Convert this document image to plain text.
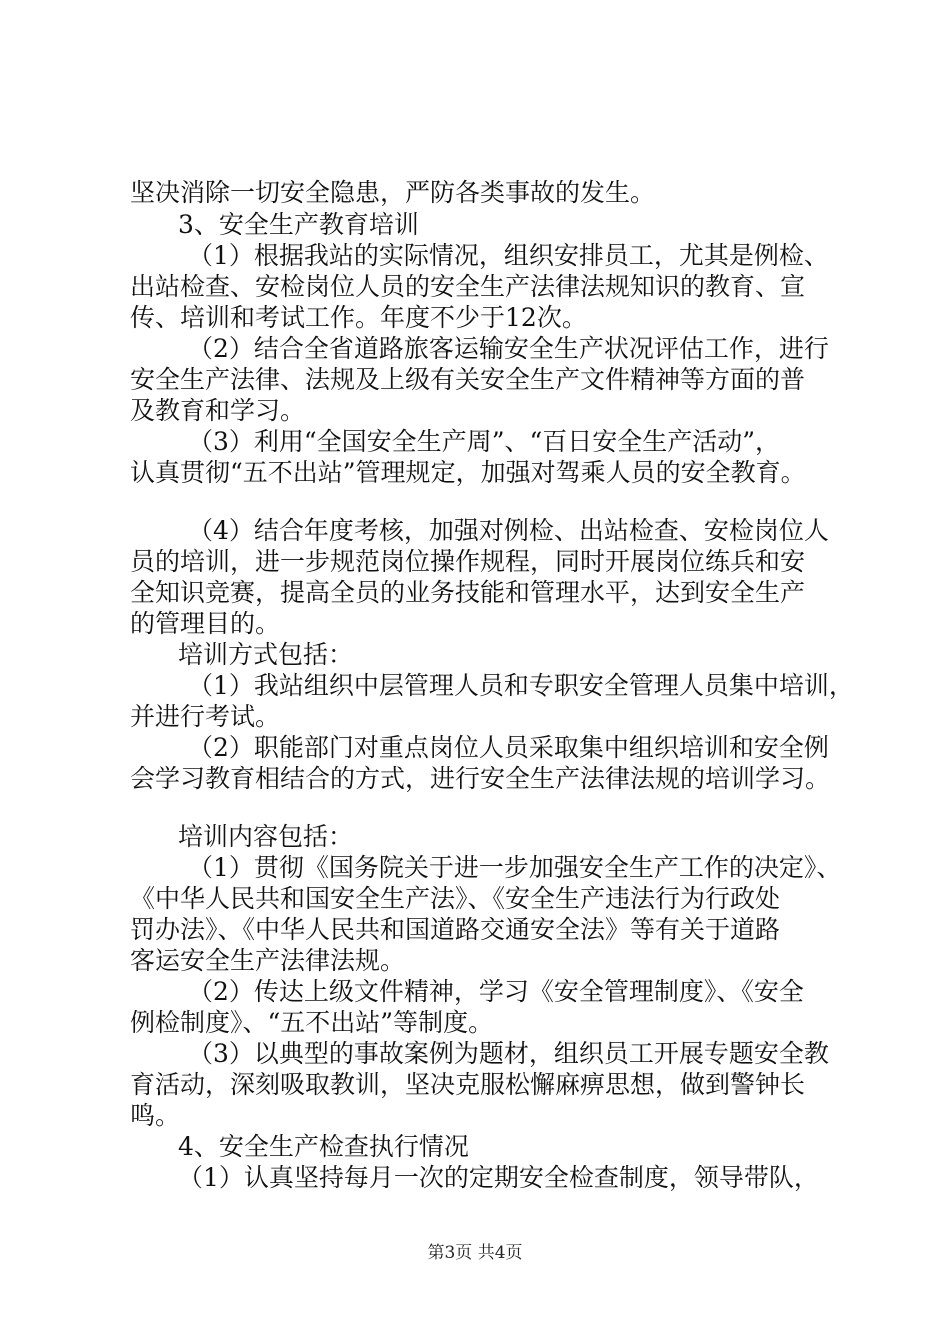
坚决消除一切安全隐患，严防各类事故的发生。
3、安全生产教育培训
（1）根据我站的实际情况，组织安排员工，尤其是例检、
出站检查、安检岗位人员的安全生产法律法规知识的教育、宣
传、培训和考试工作。年度不少于12次。
（2）结合全省道路旅客运输安全生产状况评估工作，进行
安全生产法律、法规及上级有关安全生产文件精神等方面的普
及教育和学习。
（3）利用“全国安全生产周”、“百日安全生产活动”，
认真贯彻“五不出站”管理规定，加强对驾乘人员的安全教育。
（4）结合年度考核，加强对例检、出站检查、安检岗位人
员的培训，进一步规范岗位操作规程，同时开展岗位练兵和安
全知识竞赛，提高全员的业务技能和管理水平，达到安全生产
的管理目的。
培训方式包括：
（1）我站组织中层管理人员和专职安全管理人员集中培训，
并进行考试。
（2）职能部门对重点岗位人员采取集中组织培训和安全例
会学习教育相结合的方式，进行安全生产法律法规的培训学习。
培训内容包括：
（1）贯彻《国务院关于进一步加强安全生产工作的决定》、
《中华人民共和国安全生产法》、《安全生产违法行为行政处
罚办法》、《中华人民共和国道路交通安全法》等有关于道路
客运安全生产法律法规。
（2）传达上级文件精神，学习《安全管理制度》、《安全
例检制度》、“五不出站”等制度。
（3）以典型的事故案例为题材，组织员工开展专题安全教
育活动，深刻吸取教训，坚决克服松懈麻痹思想，做到警钟长
鸣。
4、安全生产检查执行情况
（1）认真坚持每月一次的定期安全检查制度，领导带队，
第3页 共4页
